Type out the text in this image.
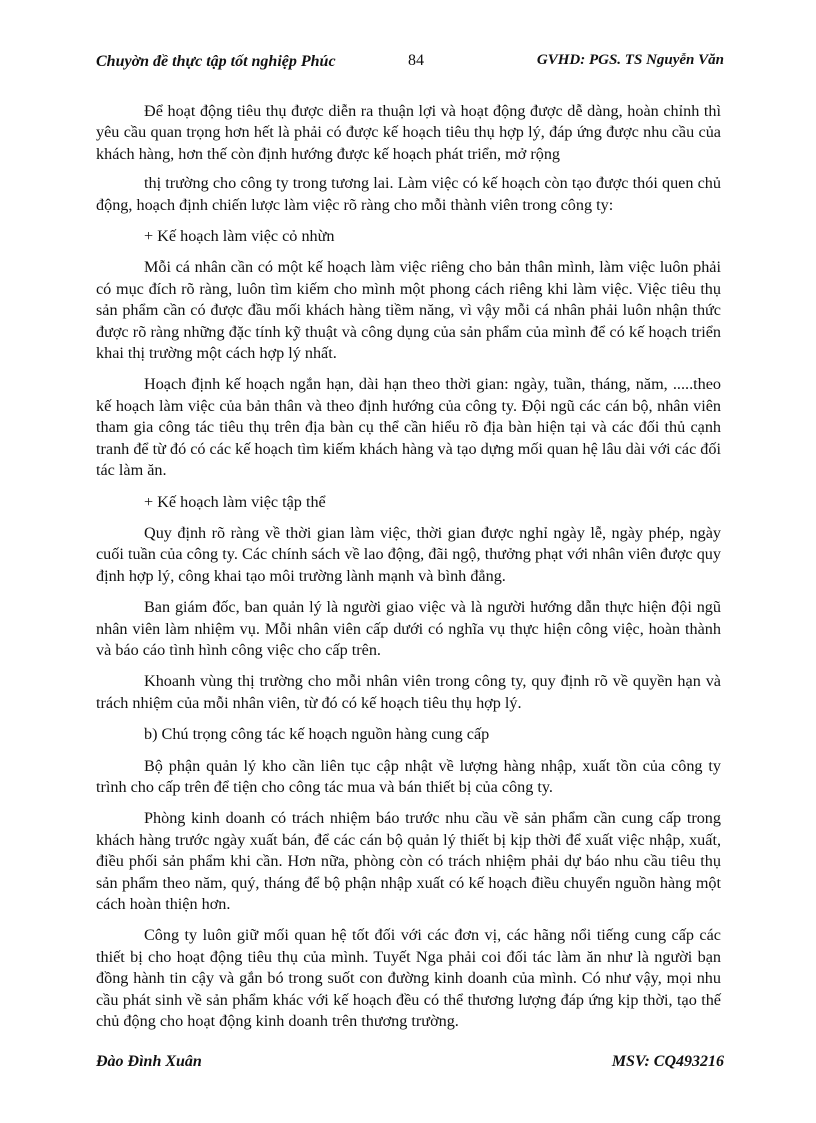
Chuyờn đề thực tập tốt nghiệp Phúc	84	GVHD: PGS. TS Nguyễn Văn

Để hoạt động tiêu thụ được diễn ra thuận lợi và hoạt động được dễ dàng, hoàn chỉnh thì yêu cầu quan trọng hơn hết là phải có được kế hoạch tiêu thụ hợp lý, đáp ứng được nhu cầu của khách hàng, hơn thế còn định hướng được kế hoạch phát triển, mở rộng

thị trường cho công ty trong tương lai. Làm việc có kế hoạch còn tạo được thói quen chủ động, hoạch định chiến lược làm việc rõ ràng cho mỗi thành viên trong công ty:

+ Kế hoạch làm việc cỏ nhừn

Mỗi cá nhân cần có một kế hoạch làm việc riêng cho bản thân mình, làm việc luôn phải có mục đích rõ ràng, luôn tìm kiếm cho mình một phong cách riêng khi làm việc. Việc tiêu thụ sản phẩm cần có được đầu mối khách hàng tiềm năng, vì vậy mỗi cá nhân phải luôn nhận thức được rõ ràng những đặc tính kỹ thuật và công dụng của sản phẩm của mình để có kế hoạch triển khai thị trường một cách hợp lý nhất.

Hoạch định kế hoạch ngắn hạn, dài hạn theo thời gian: ngày, tuần, tháng, năm, .....theo kế hoạch làm việc của bản thân và theo định hướng của công ty. Đội ngũ các cán bộ, nhân viên tham gia công tác tiêu thụ trên địa bàn cụ thể cần hiểu rõ địa bàn hiện tại và các đối thủ cạnh tranh để từ đó có các kế hoạch tìm kiếm khách hàng và tạo dựng mối quan hệ lâu dài với các đối tác làm ăn.

+ Kế hoạch làm việc tập thể

Quy định rõ ràng về thời gian làm việc, thời gian được nghỉ ngày lễ, ngày phép, ngày cuối tuần của công ty. Các chính sách về lao động, đãi ngộ, thưởng phạt với nhân viên được quy định hợp lý, công khai tạo môi trường lành mạnh và bình đẳng.

Ban giám đốc, ban quản lý là người giao việc và là người hướng dẫn thực hiện đội ngũ nhân viên làm nhiệm vụ. Mỗi nhân viên cấp dưới có nghĩa vụ thực hiện công việc, hoàn thành và báo cáo tình hình công việc cho cấp trên.

Khoanh vùng thị trường cho mỗi nhân viên trong công ty, quy định rõ về quyền hạn và trách nhiệm của mỗi nhân viên, từ đó có kế hoạch tiêu thụ hợp lý.

b) Chú trọng công tác kế hoạch nguồn hàng cung cấp

Bộ phận quản lý kho cần liên tục cập nhật về lượng hàng nhập, xuất tồn của công ty trình cho cấp trên để tiện cho công tác mua và bán thiết bị của công ty.

Phòng kinh doanh có trách nhiệm báo trước nhu cầu về sản phẩm cần cung cấp trong khách hàng trước ngày xuất bán, để các cán bộ quản lý thiết bị kịp thời để xuất việc nhập, xuất, điều phối sản phẩm khi cần. Hơn nữa, phòng còn có trách nhiệm phải dự báo nhu cầu tiêu thụ sản phẩm theo năm, quý, tháng để bộ phận nhập xuất có kế hoạch điều chuyển nguồn hàng một cách hoàn thiện hơn.

Công ty luôn giữ mối quan hệ tốt đối với các đơn vị, các hãng nổi tiếng cung cấp các thiết bị cho hoạt động tiêu thụ của mình. Tuyết Nga phải coi đối tác làm ăn như là người bạn đồng hành tin cậy và gắn bó trong suốt con đường kinh doanh của mình. Có như vậy, mọi nhu cầu phát sinh về sản phẩm khác với kế hoạch đều có thể thương lượng đáp ứng kịp thời, tạo thế chủ động cho hoạt động kinh doanh trên thương trường.

Đào Đình Xuân	MSV: CQ493216
